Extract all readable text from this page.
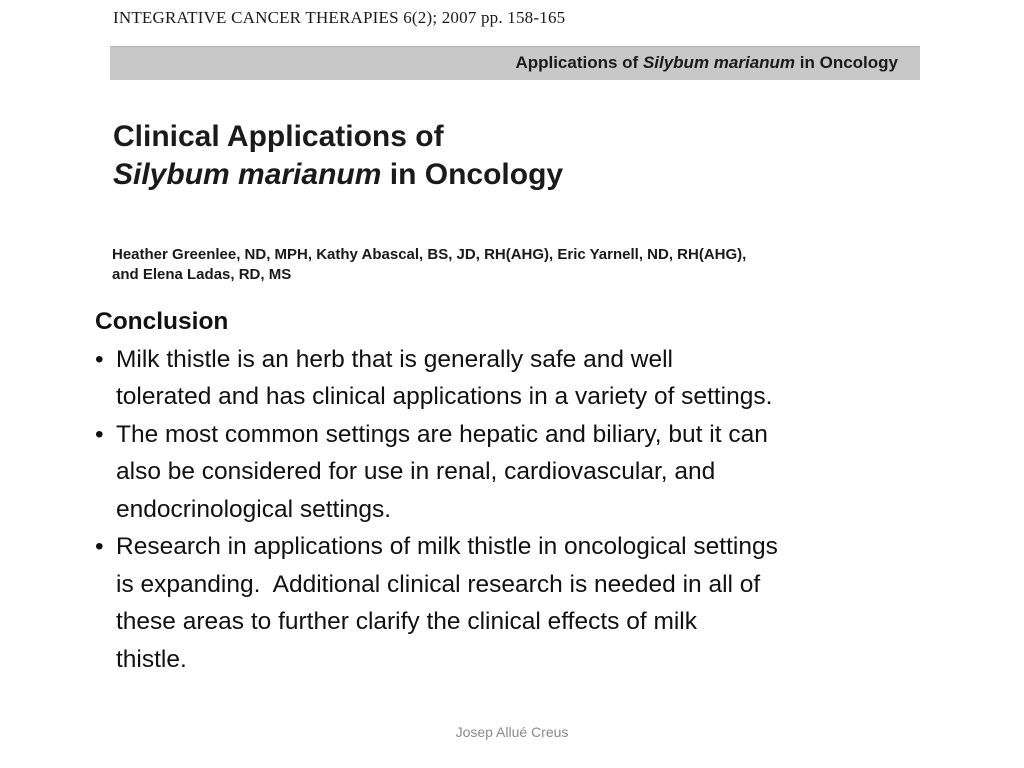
INTEGRATIVE CANCER THERAPIES 6(2); 2007 pp. 158-165
Applications of Silybum marianum in Oncology
Clinical Applications of
Silybum marianum in Oncology
Heather Greenlee, ND, MPH, Kathy Abascal, BS, JD, RH(AHG), Eric Yarnell, ND, RH(AHG),
and Elena Ladas, RD, MS
Conclusion
• Milk thistle is an herb that is generally safe and well
tolerated and has clinical applications in a variety of settings.
• The most common settings are hepatic and biliary, but it can
also be considered for use in renal, cardiovascular, and
endocrinological settings.
• Research in applications of milk thistle in oncological settings
is expanding.  Additional clinical research is needed in all of
these areas to further clarify the clinical effects of milk
thistle.
Josep Allué Creus
